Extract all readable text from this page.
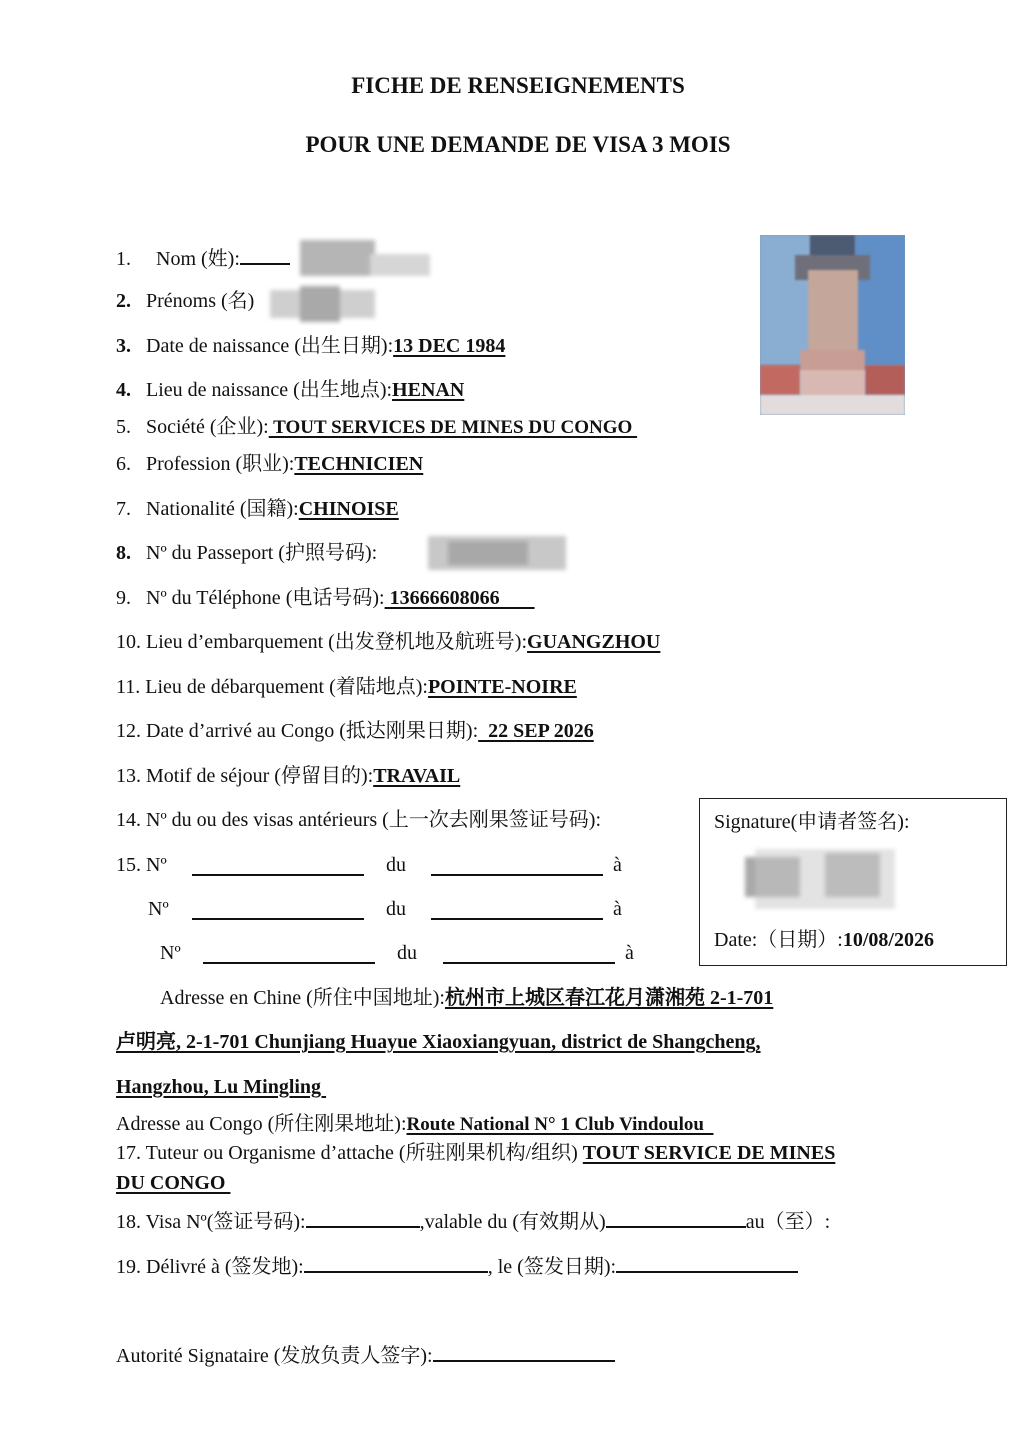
FICHE DE RENSEIGNEMENTS
POUR UNE DEMANDE DE VISA 3 MOIS
1. Nom (姓):
2. Prénoms (名)
3. Date de naissance (出生日期):13 DEC 1984
4. Lieu de naissance (出生地点):HENAN
5. Société (企业): TOUT SERVICES DE MINES DU CONGO
6. Profession (职业):TECHNICIEN
7. Nationalité (国籍):CHINOISE
8. Nº du Passeport (护照号码):
9. Nº du Téléphone (电话号码): 13666608066
10. Lieu d’embarquement (出发登机地及航班号):GUANGZHOU
11. Lieu de débarquement (着陆地点):POINTE-NOIRE
12. Date d’arrivé au Congo (抵达刚果日期):  22 SEP 2026
13. Motif de séjour (停留目的):TRAVAIL
14. Nº du ou des visas antérieurs (上一次去刚果签证号码):
15. Nº	du	à
Nº	du	à
Nº	du	à
Signature(申请者签名):
Date:（日期）:10/08/2026
Adresse en Chine (所住中国地址):杭州市上城区春江花月潇湘苑 2-1-701
卢明亮, 2-1-701 Chunjiang Huayue Xiaoxiangyuan, district de Shangcheng,
Hangzhou, Lu Mingling
Adresse au Congo (所住刚果地址):Route National N° 1 Club Vindoulou
17. Tuteur ou Organisme d’attache (所驻刚果机构/组织) TOUT SERVICE DE MINES
DU CONGO
18. Visa Nº(签证号码):	,valable du (有效期从)	au（至）:
19. Délivré à (签发地):	, le (签发日期):
Autorité Signataire (发放负责人签字):
